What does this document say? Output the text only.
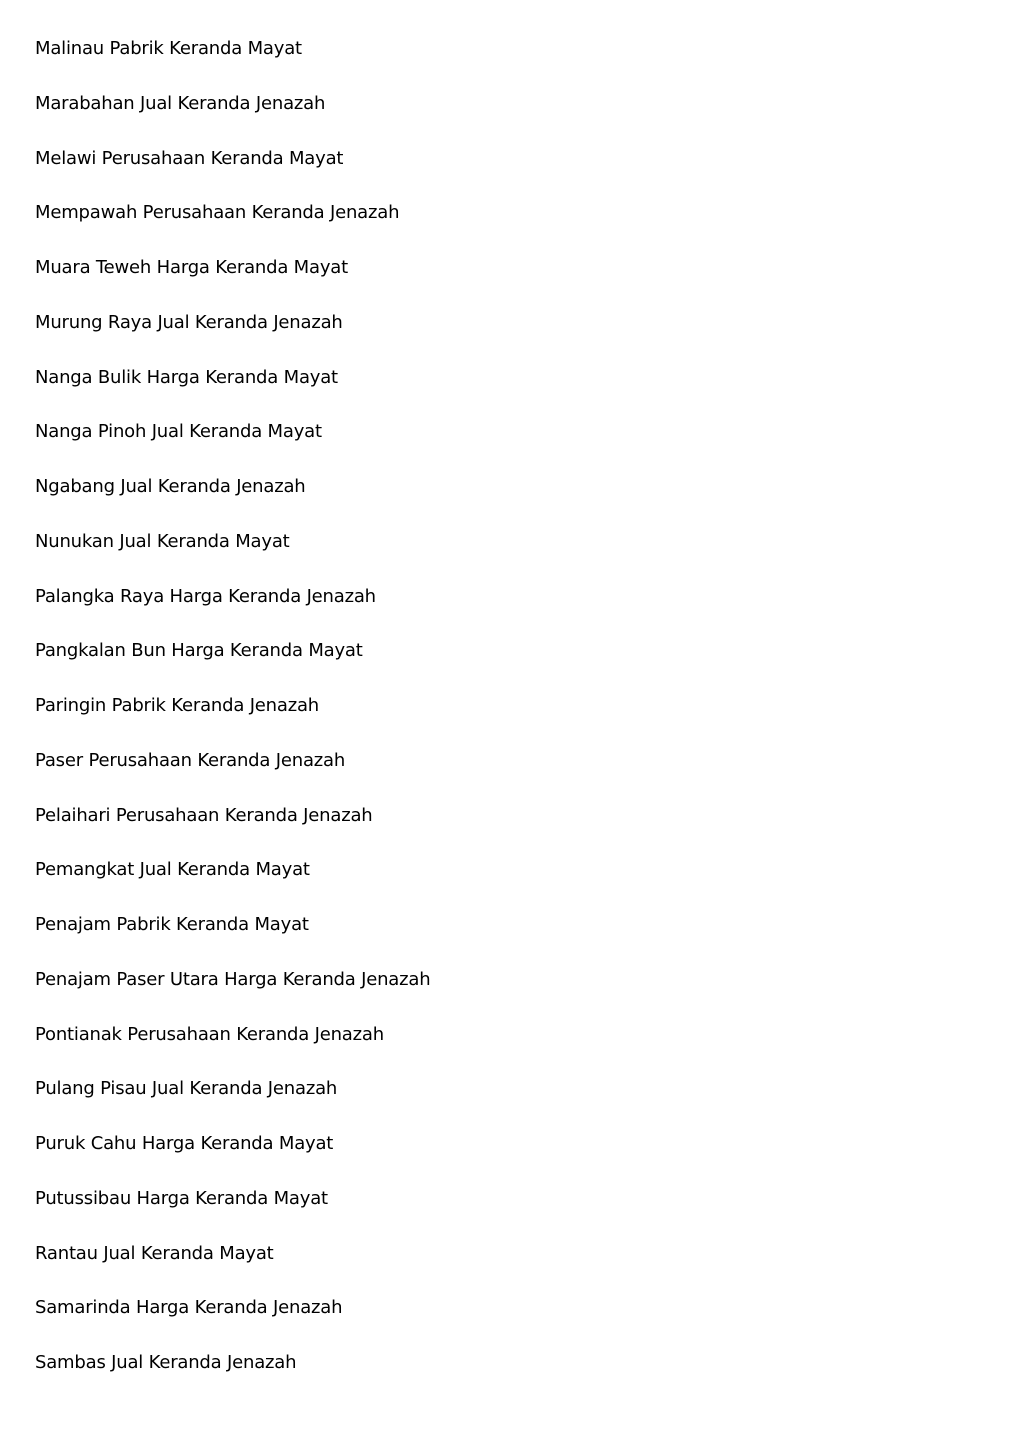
Malinau Pabrik Keranda Mayat
Marabahan Jual Keranda Jenazah
Melawi Perusahaan Keranda Mayat
Mempawah Perusahaan Keranda Jenazah
Muara Teweh Harga Keranda Mayat
Murung Raya Jual Keranda Jenazah
Nanga Bulik Harga Keranda Mayat
Nanga Pinoh Jual Keranda Mayat
Ngabang Jual Keranda Jenazah
Nunukan Jual Keranda Mayat
Palangka Raya Harga Keranda Jenazah
Pangkalan Bun Harga Keranda Mayat
Paringin Pabrik Keranda Jenazah
Paser Perusahaan Keranda Jenazah
Pelaihari Perusahaan Keranda Jenazah
Pemangkat Jual Keranda Mayat
Penajam Pabrik Keranda Mayat
Penajam Paser Utara Harga Keranda Jenazah
Pontianak Perusahaan Keranda Jenazah
Pulang Pisau Jual Keranda Jenazah
Puruk Cahu Harga Keranda Mayat
Putussibau Harga Keranda Mayat
Rantau Jual Keranda Mayat
Samarinda Harga Keranda Jenazah
Sambas Jual Keranda Jenazah
